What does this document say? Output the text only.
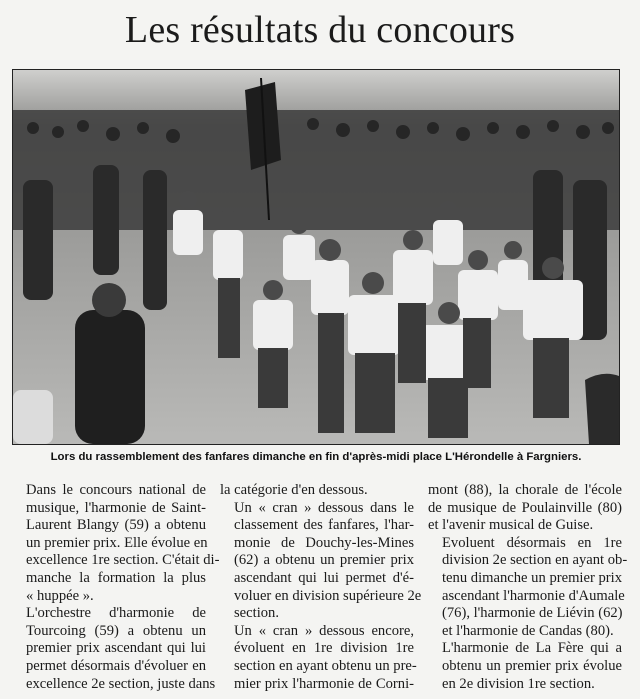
Les résultats du concours
Lors du rassemblement des fanfares dimanche en fin d'après-midi place L'Hérondelle à Fargniers.

Dans le concours national de
musique, l'harmonie de Saint-
Laurent Blangy (59) a obtenu
un premier prix. Elle évolue en
excellence 1re section. C'était di-
manche la formation la plus
« huppée ».

L'orchestre d'harmonie de
Tourcoing (59) a obtenu un
premier prix ascendant qui lui
permet désormais d'évoluer en
excellence 2e section, juste dans

la catégorie d'en dessous.

Un « cran » dessous dans le
classement des fanfares, l'har-
monie de Douchy-les-Mines
(62) a obtenu un premier prix
ascendant qui lui permet d'é-
voluer en division supérieure 2e
section.

Un « cran » dessous encore,
évoluent en 1re division 1re
section en ayant obtenu un pre-
mier prix l'harmonie de Corni-

mont (88), la chorale de l'école
de musique de Poulainville (80)
et l'avenir musical de Guise.

Evoluent désormais en 1re
division 2e section en ayant ob-
tenu dimanche un premier prix
ascendant l'harmonie d'Aumale
(76), l'harmonie de Liévin (62)
et l'harmonie de Candas (80).

L'harmonie de La Fère qui a
obtenu un premier prix évolue
en 2e division 1re section.
